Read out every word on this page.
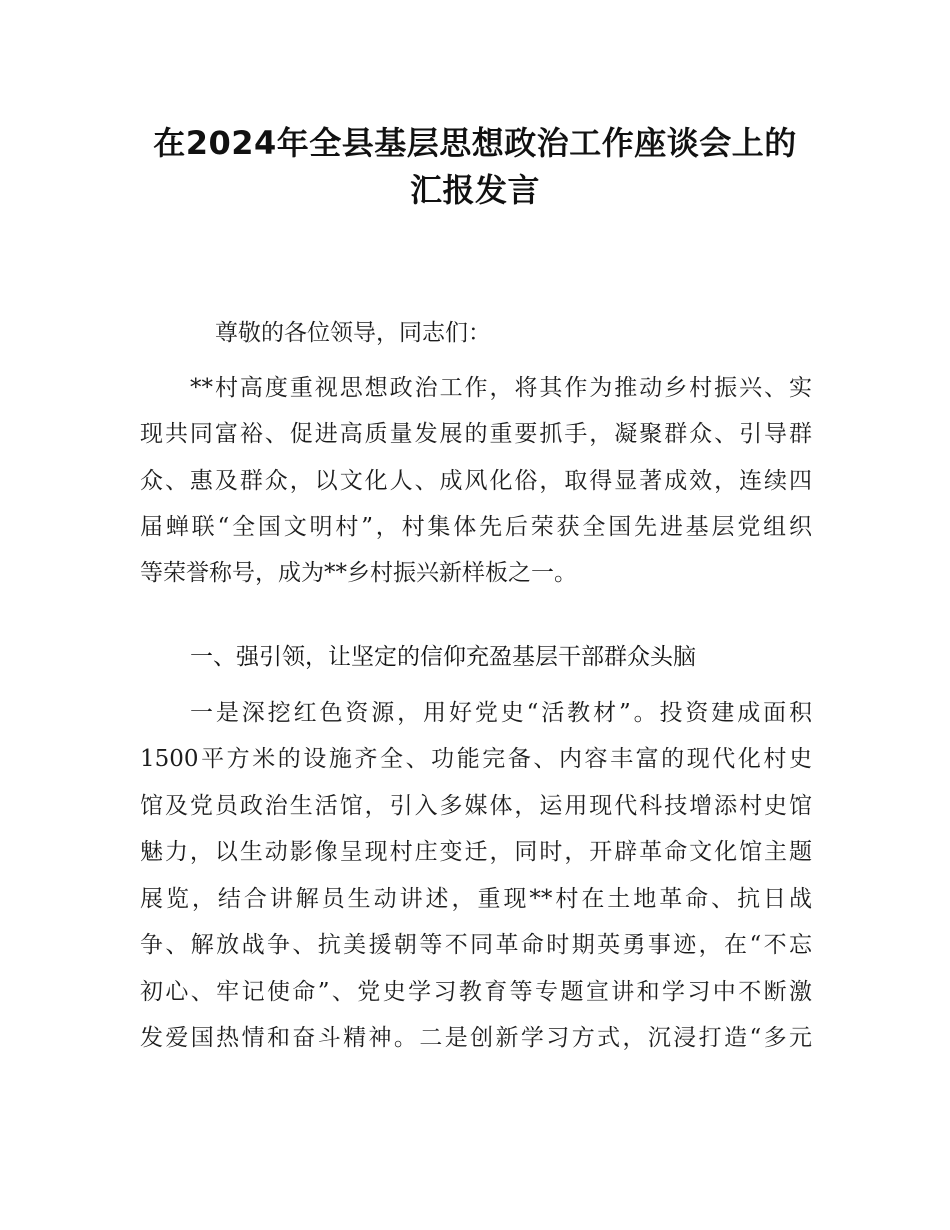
在2024年全县基层思想政治工作座谈会上的
汇报发言
尊敬的各位领导，同志们：
**村高度重视思想政治工作，将其作为推动乡村振兴、实
现共同富裕、促进高质量发展的重要抓手，凝聚群众、引导群
众、惠及群众，以文化人、成风化俗，取得显著成效，连续四
届蝉联“全国文明村”，村集体先后荣获全国先进基层党组织
等荣誉称号，成为**乡村振兴新样板之一。
一、强引领，让坚定的信仰充盈基层干部群众头脑
一是深挖红色资源，用好党史“活教材”。投资建成面积
1500平方米的设施齐全、功能完备、内容丰富的现代化村史
馆及党员政治生活馆，引入多媒体，运用现代科技增添村史馆
魅力，以生动影像呈现村庄变迁，同时，开辟革命文化馆主题
展览，结合讲解员生动讲述，重现**村在土地革命、抗日战
争、解放战争、抗美援朝等不同革命时期英勇事迹，在“不忘
初心、牢记使命”、党史学习教育等专题宣讲和学习中不断激
发爱国热情和奋斗精神。二是创新学习方式，沉浸打造“多元
